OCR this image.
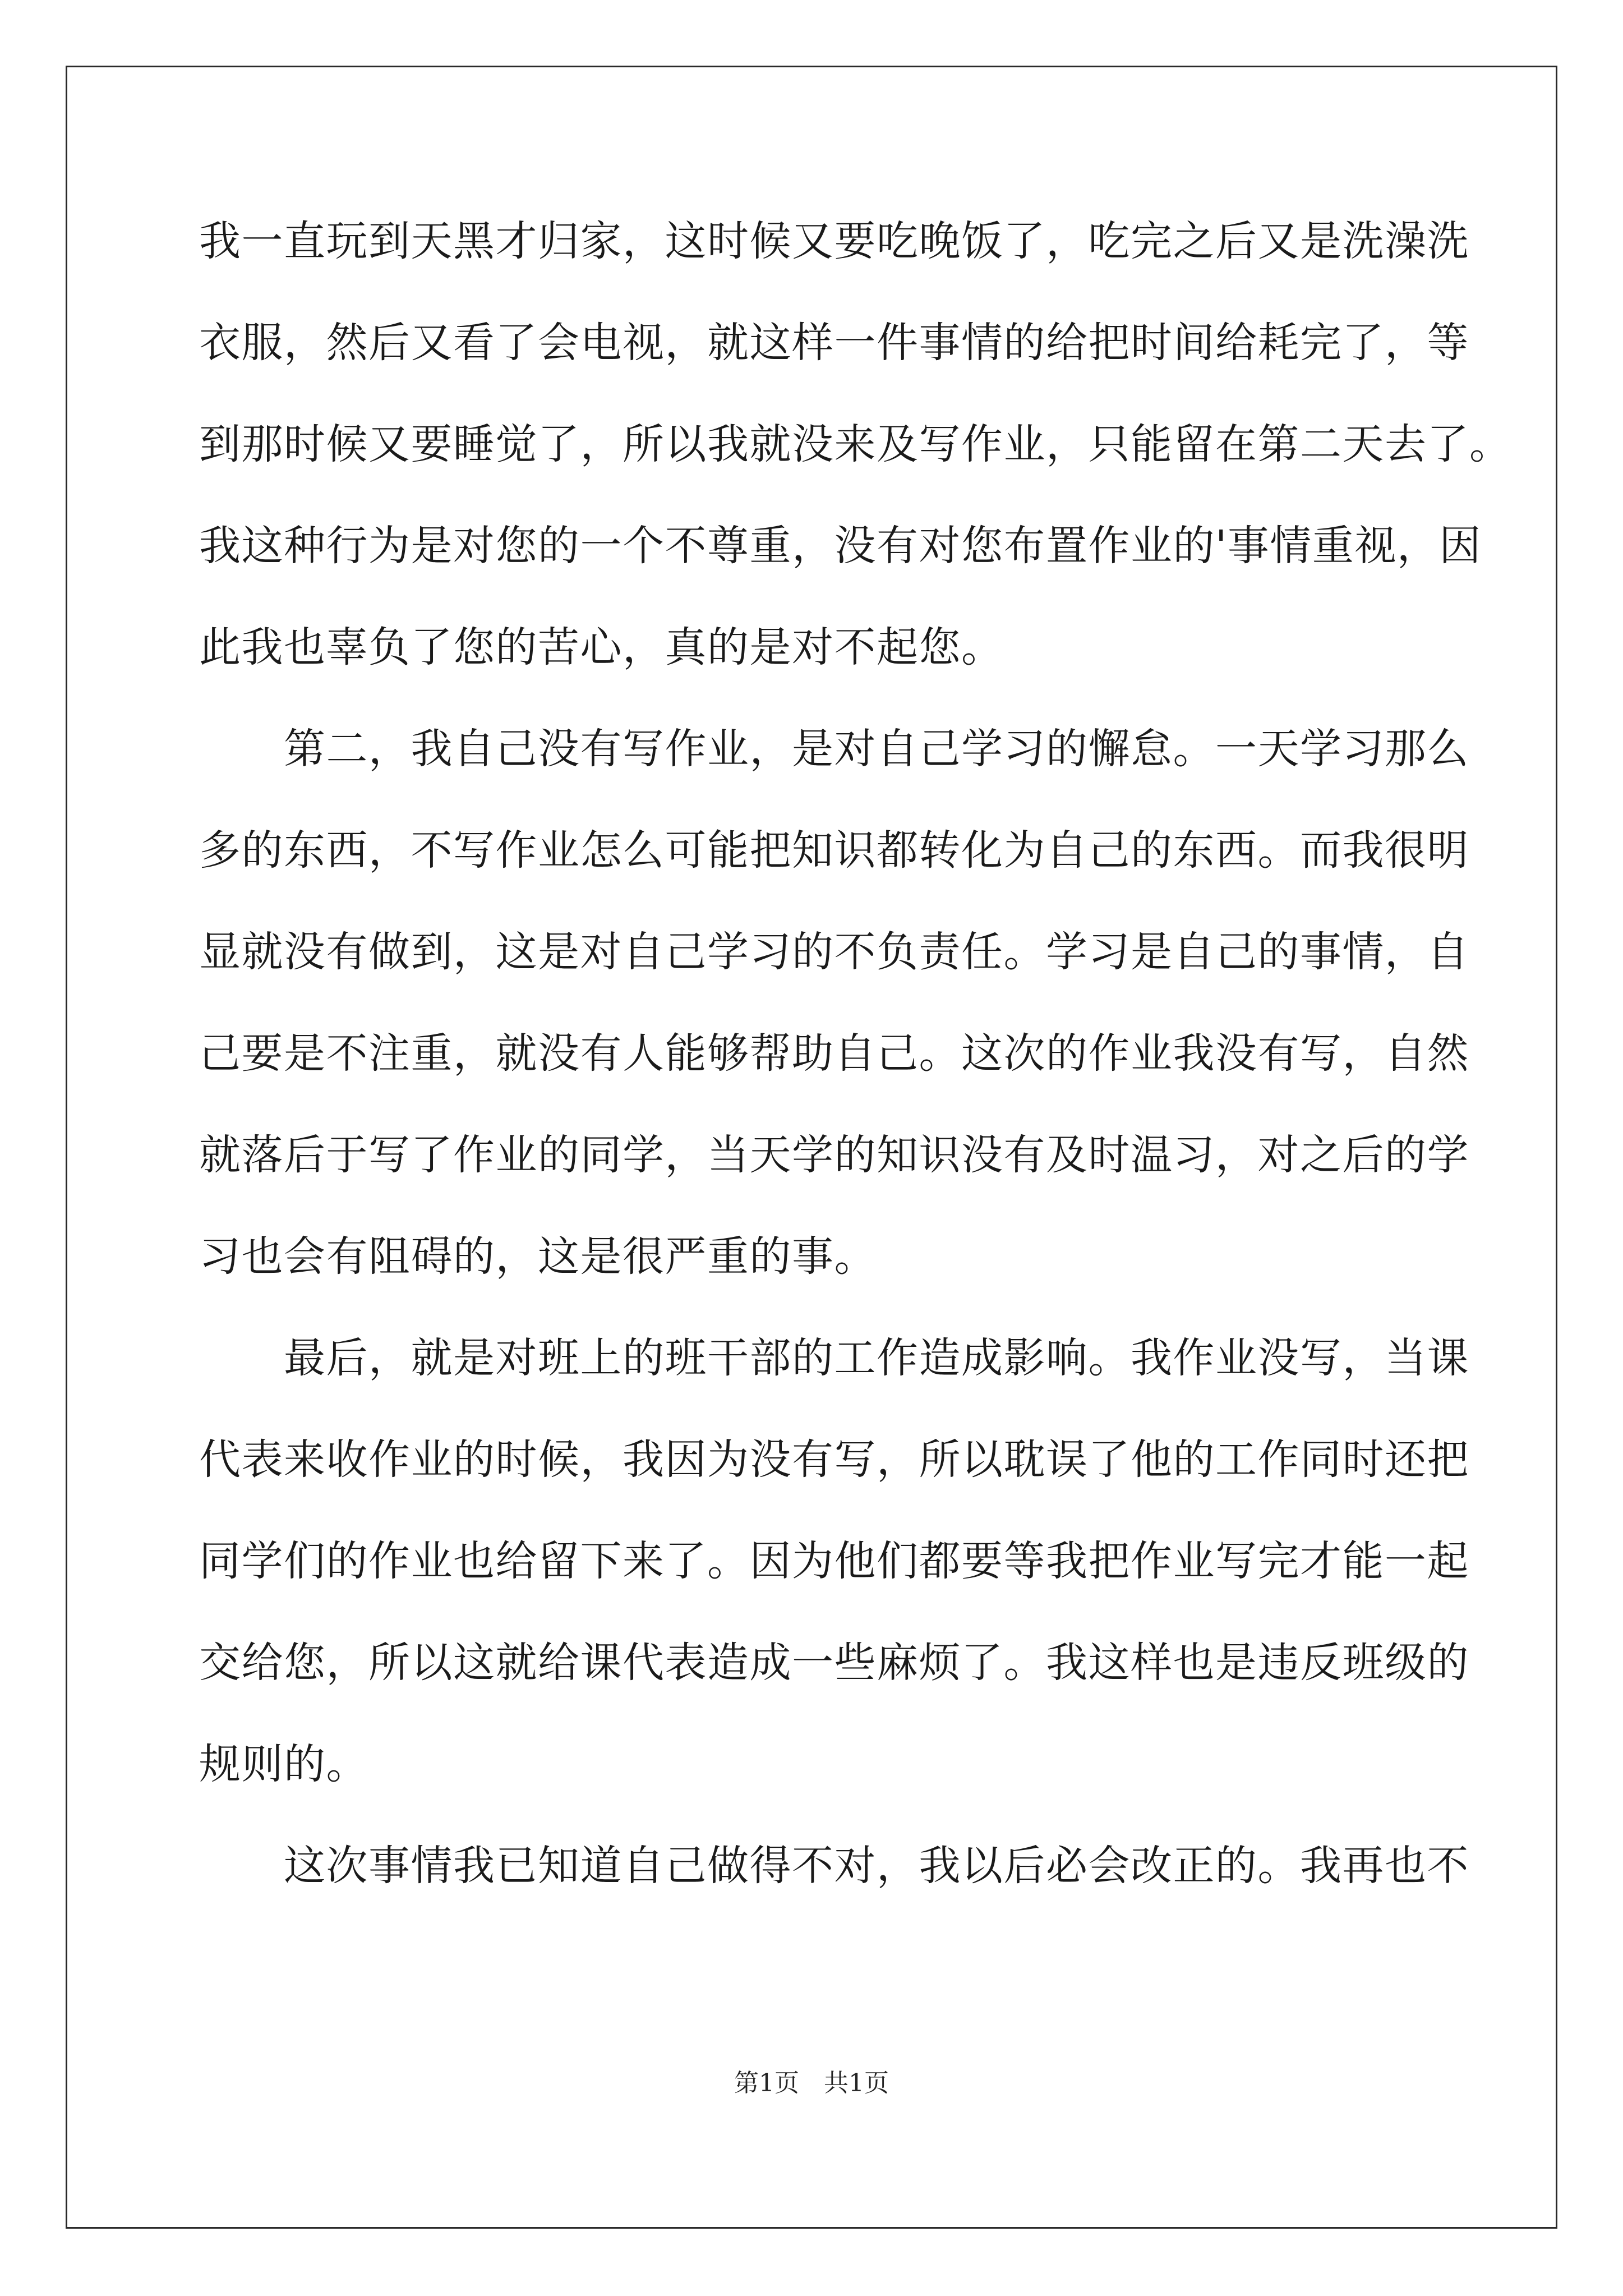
我一直玩到天黑才归家，这时候又要吃晚饭了，吃完之后又是洗澡洗
衣服，然后又看了会电视，就这样一件事情的给把时间给耗完了，等
到那时候又要睡觉了，所以我就没来及写作业，只能留在第二天去了。
我这种行为是对您的一个不尊重，没有对您布置作业的'事情重视，因
此我也辜负了您的苦心，真的是对不起您。
　　第二，我自己没有写作业，是对自己学习的懈怠。一天学习那么
多的东西，不写作业怎么可能把知识都转化为自己的东西。而我很明
显就没有做到，这是对自己学习的不负责任。学习是自己的事情，自
己要是不注重，就没有人能够帮助自己。这次的作业我没有写，自然
就落后于写了作业的同学，当天学的知识没有及时温习，对之后的学
习也会有阻碍的，这是很严重的事。
　　最后，就是对班上的班干部的工作造成影响。我作业没写，当课
代表来收作业的时候，我因为没有写，所以耽误了他的工作同时还把
同学们的作业也给留下来了。因为他们都要等我把作业写完才能一起
交给您，所以这就给课代表造成一些麻烦了。我这样也是违反班级的
规则的。
　　这次事情我已知道自己做得不对，我以后必会改正的。我再也不
第1页　共1页
